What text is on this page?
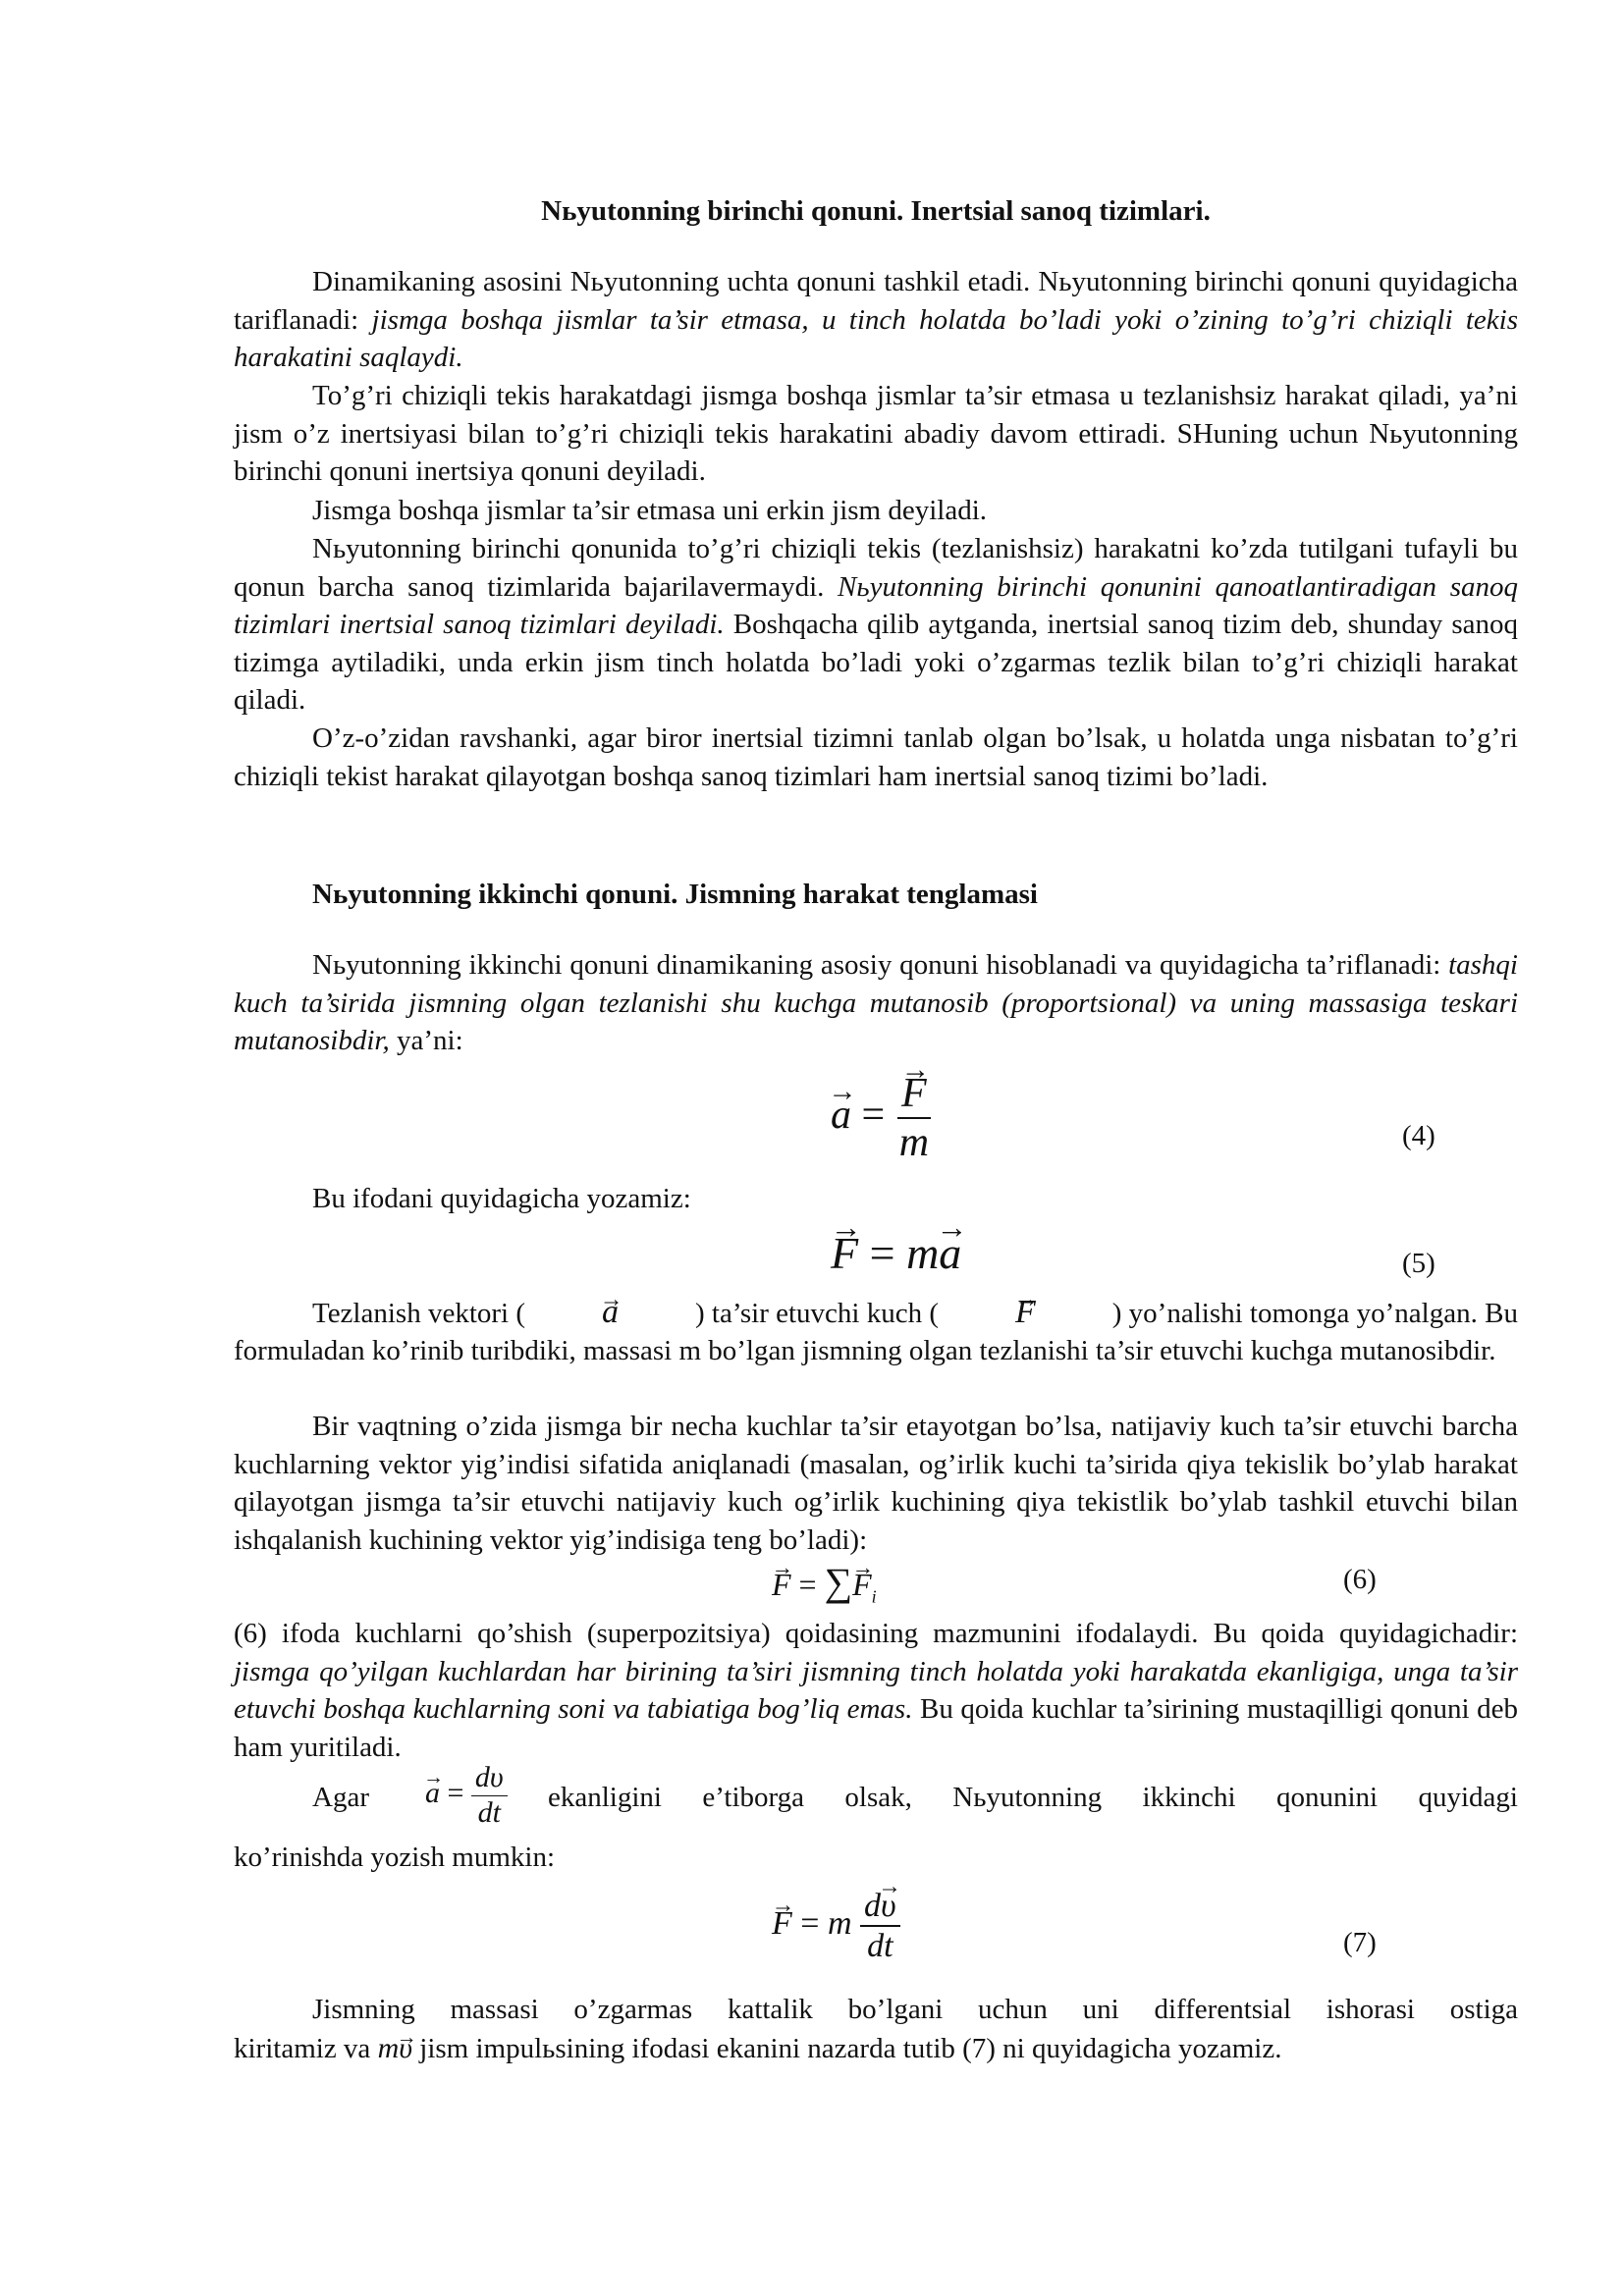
Nьyutonning birinchi qonuni. Inertsial sanoq tizimlari.

Dinamikaning asosini Nьyutonning uchta qonuni tashkil etadi. Nьyutonning birinchi qonuni quyidagicha tariflanadi: jismga boshqa jismlar ta’sir etmasa, u tinch holatda bo’ladi yoki o’zining to’g’ri chiziqli tekis harakatini saqlaydi.

To’g’ri chiziqli tekis harakatdagi jismga boshqa jismlar ta’sir etmasa u tezlanishsiz harakat qiladi, ya’ni jism o’z inertsiyasi bilan to’g’ri chiziqli tekis harakatini abadiy davom ettiradi. SHuning uchun Nьyutonning birinchi qonuni inertsiya qonuni deyiladi.

Jismga boshqa jismlar ta’sir etmasa uni erkin jism deyiladi.

Nьyutonning birinchi qonunida to’g’ri chiziqli tekis (tezlanishsiz) harakatni ko’zda tutilgani tufayli bu qonun barcha sanoq tizimlarida bajarilavermaydi. Nьyutonning birinchi qonunini qanoatlantiradigan sanoq tizimlari inertsial sanoq tizimlari deyiladi. Boshqacha qilib aytganda, inertsial sanoq tizim deb, shunday sanoq tizimga aytiladiki, unda erkin jism tinch holatda bo’ladi yoki o’zgarmas tezlik bilan to’g’ri chiziqli harakat qiladi.

O’z-o’zidan ravshanki, agar biror inertsial tizimni tanlab olgan bo’lsak, u holatda unga nisbatan to’g’ri chiziqli tekist harakat qilayotgan boshqa sanoq tizimlari ham inertsial sanoq tizimi bo’ladi.

Nьyutonning ikkinchi qonuni. Jismning harakat tenglamasi

Nьyutonning ikkinchi qonuni dinamikaning asosiy qonuni hisoblanadi va quyidagicha ta’riflanadi: tashqi kuch ta’sirida jismning olgan tezlanishi shu kuchga mutanosib (proportsional) va uning massasiga teskari mutanosibdir, ya’ni:

→ a = → $\frac{F}{m}$	(4)
Bu ifodani quyidagicha yozamiz:
→ F = m→ a	(5)
Tezlanish vektori ( → a	) ta’sir etuvchi kuch ( → F	) yo’nalishi tomonga yo’nalgan. Bu

formuladan ko’rinib turibdiki, massasi m bo’lgan jismning olgan tezlanishi ta’sir etuvchi kuchga mutanosibdir.

Bir vaqtning o’zida jismga bir necha kuchlar ta’sir etayotgan bo’lsa, natijaviy kuch ta’sir etuvchi barcha kuchlarning vektor yig’indisi sifatida aniqlanadi (masalan, og’irlik kuchi ta’sirida qiya tekislik bo’ylab harakat qilayotgan jismga ta’sir etuvchi natijaviy kuch og’irlik kuchining qiya tekistlik bo’ylab tashkil etuvchi bilan ishqalanish kuchining vektor yig’indisiga teng bo’ladi):

→ F = ∑→ $F_i$
(6)

(6) ifoda kuchlarni qo’shish (superpozitsiya) qoidasining mazmunini ifodalaydi. Bu qoida quyidagichadir: jismga qo’yilgan kuchlardan har birining ta’siri jismning tinch holatda yoki harakatda ekanligiga, unga ta’sir etuvchi boshqa kuchlarning soni va tabiatiga bog’liq emas. Bu qoida kuchlar ta’sirining mustaqilligi qonuni deb ham yuritiladi.

Agar → $a = \frac{d\upsilon}{dt}$ ekanligini e’tiborga olsak, Nьyutonning ikkinchi qonunini quyidagi
ko’rinishda yozish mumkin:
→ F = m $\frac{d\to \upsilon}{dt}$	(7)
Jismning massasi o’zgarmas kattalik bo’lgani uchun uni differentsial ishorasi ostiga
kiritamiz va m→ υ jism impulьsining ifodasi ekanini nazarda tutib (7) ni quyidagicha yozamiz.
